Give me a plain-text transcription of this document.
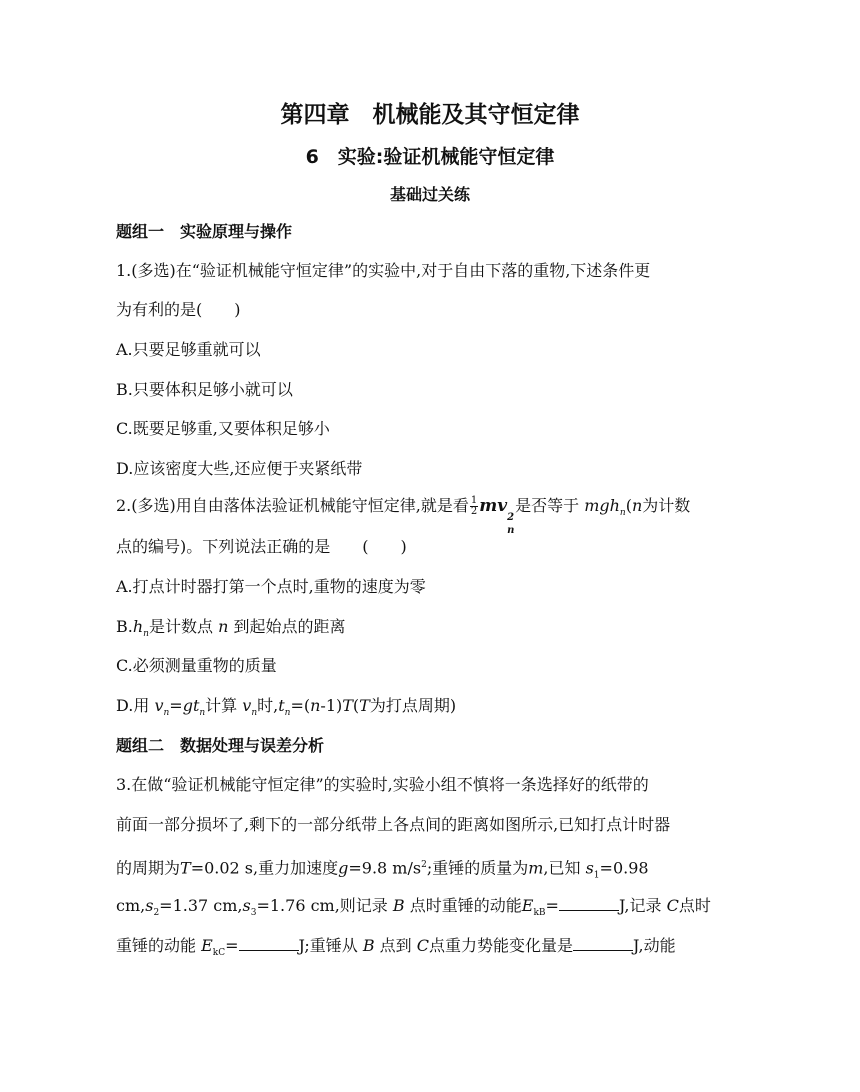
第四章　机械能及其守恒定律
6　实验:验证机械能守恒定律
基础过关练
题组一　实验原理与操作
1.(多选)在“验证机械能守恒定律”的实验中,对于自由下落的重物,下述条件更
为有利的是(　　)
A.只要足够重就可以
B.只要体积足够小就可以
C.既要足够重,又要体积足够小
D.应该密度大些,还应便于夹紧纸带
2.(多选)用自由落体法验证机械能守恒定律,就是看 $\frac{1}{2}$ mv
2
n
是否等于 mgh$_n$(n为计数
点的编号)。下列说法正确的是　　(　　)
A.打点计时器打第一个点时,重物的速度为零
$B.h_n$是计数点 n 到起始点的距离
C.必须测量重物的质量
D.用 $v_n=gt_n$计算 $v_n$时$,t_n=(n-1)T(T$为打点周期)
题组二　数据处理与误差分析
3.在做“验证机械能守恒定律”的实验时,实验小组不慎将一条选择好的纸带的
前面一部分损坏了,剩下的一部分纸带上各点间的距离如图所示,已知打点计时器
的周期为T=0.02 s,重力加速度g=9.8 $m/s^2$;重锤的质量为m,已知 $s_1=0.98$
$cm,s_2=1.37$ $cm,s_3=1.76$ cm,则记录 B 点时重锤的动能$E_{kB}=$	J,记录 C点时
重锤的动能 $E_{kC}=$	J;重锤从 B 点到 C点重力势能变化量是	J,动能
